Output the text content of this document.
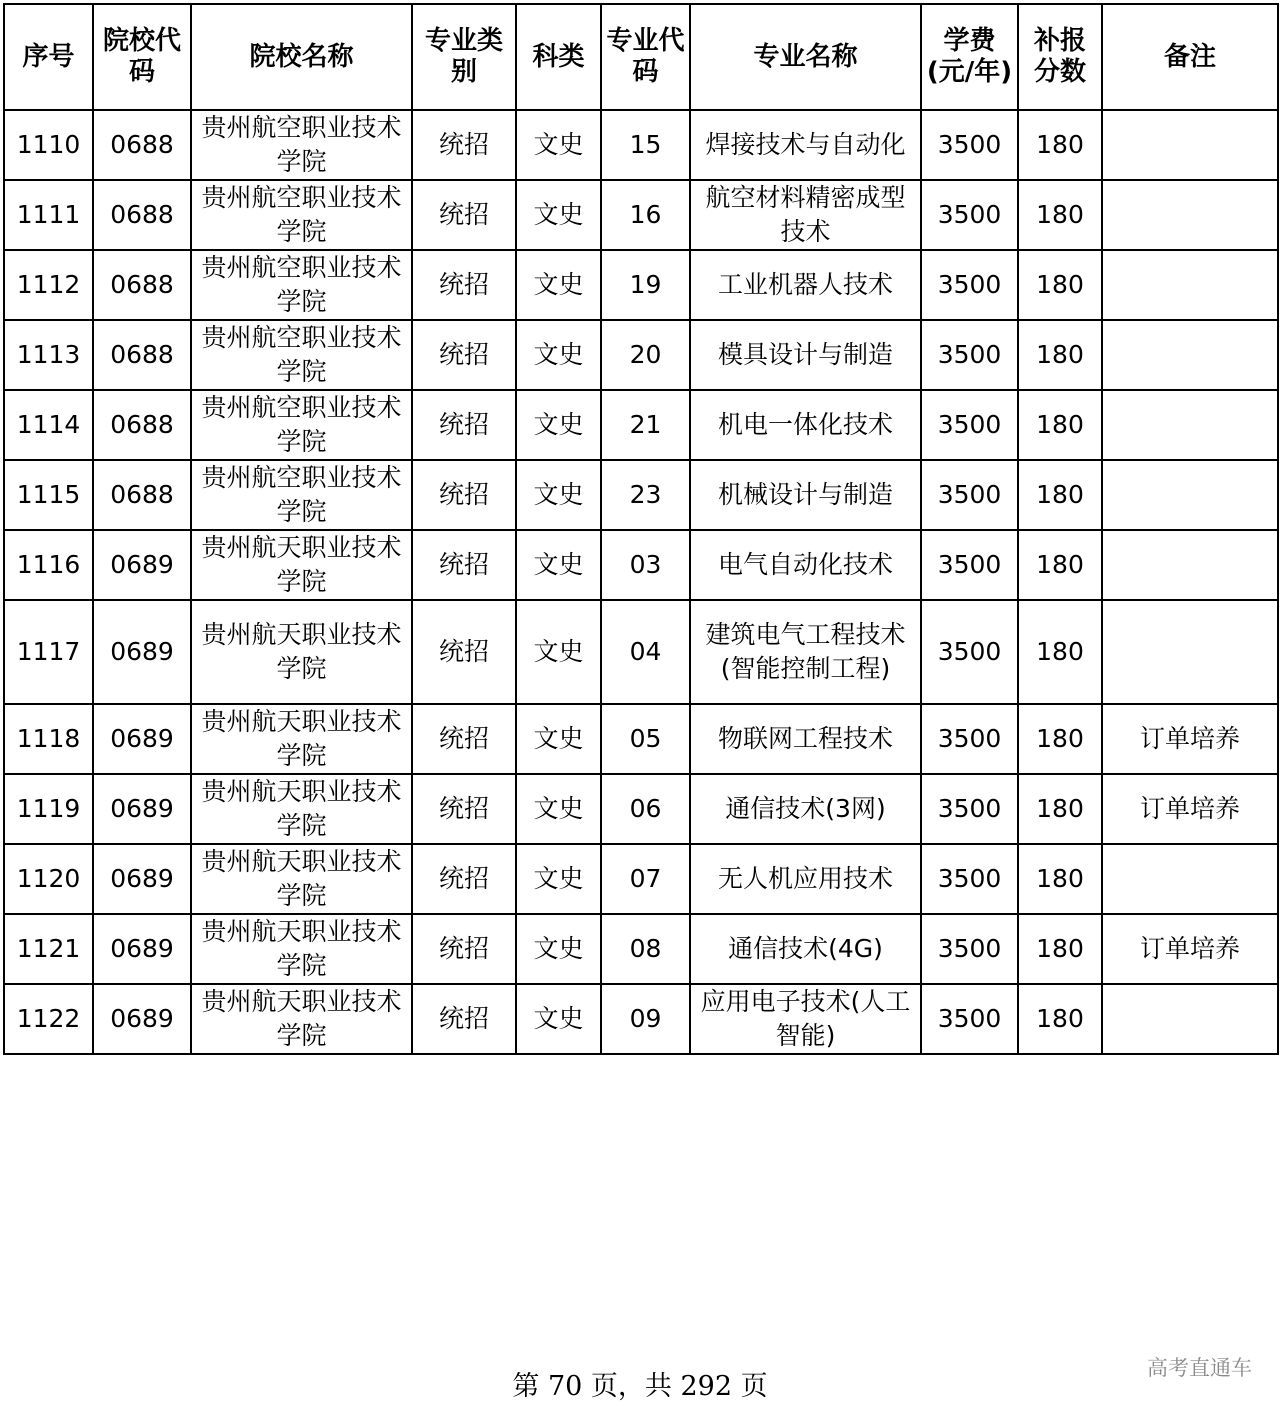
序号	院校代码	院校名称	专业类别	科类	专业代码	专业名称	学费(元/年)	补报分数	备注
1110	0688	贵州航空职业技术学院	统招	文史	15	焊接技术与自动化	3500	180	
1111	0688	贵州航空职业技术学院	统招	文史	16	航空材料精密成型技术	3500	180	
1112	0688	贵州航空职业技术学院	统招	文史	19	工业机器人技术	3500	180	
1113	0688	贵州航空职业技术学院	统招	文史	20	模具设计与制造	3500	180	
1114	0688	贵州航空职业技术学院	统招	文史	21	机电一体化技术	3500	180	
1115	0688	贵州航空职业技术学院	统招	文史	23	机械设计与制造	3500	180	
1116	0689	贵州航天职业技术学院	统招	文史	03	电气自动化技术	3500	180	
1117	0689	贵州航天职业技术学院	统招	文史	04	建筑电气工程技术(智能控制工程)	3500	180	
1118	0689	贵州航天职业技术学院	统招	文史	05	物联网工程技术	3500	180	订单培养
1119	0689	贵州航天职业技术学院	统招	文史	06	通信技术(3网)	3500	180	订单培养
1120	0689	贵州航天职业技术学院	统招	文史	07	无人机应用技术	3500	180	
1121	0689	贵州航天职业技术学院	统招	文史	08	通信技术(4G)	3500	180	订单培养
1122	0689	贵州航天职业技术学院	统招	文史	09	应用电子技术(人工智能)	3500	180	
第 70 页，共 292 页
高考直通车
